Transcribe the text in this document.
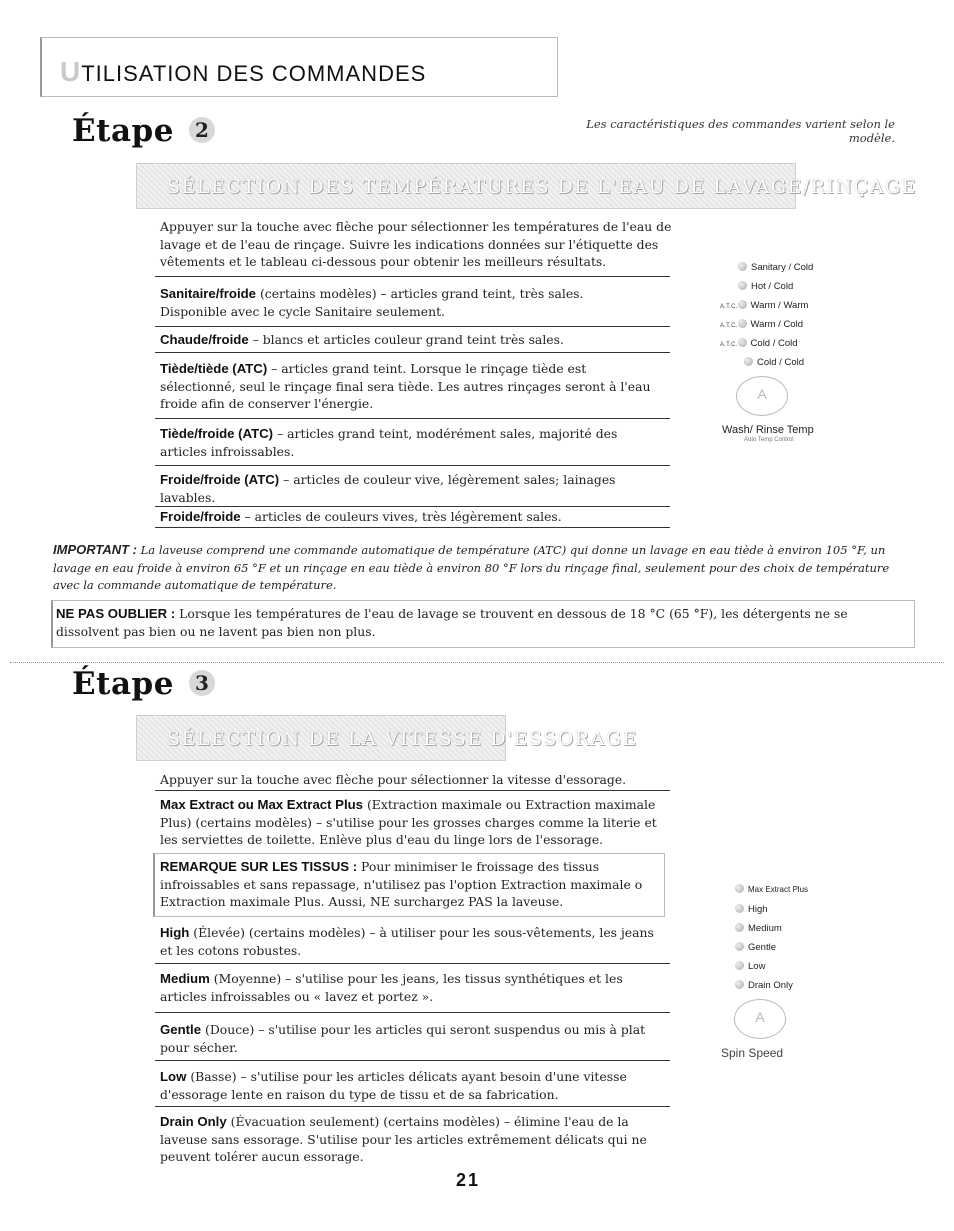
UTILISATION DES COMMANDES
Les caractéristiques des commandes varient selon le modèle.
Étape 2
SÉLECTION DES TEMPÉRATURES DE L'EAU DE LAVAGE/RINÇAGE
Appuyer sur la touche avec flèche pour sélectionner les températures de l'eau de lavage et de l'eau de rinçage. Suivre les indications données sur l'étiquette des vêtements et le tableau ci-dessous pour obtenir les meilleurs résultats.
Sanitaire/froide (certains modèles) – articles grand teint, très sales. Disponible avec le cycle Sanitaire seulement.
Chaude/froide – blancs et articles couleur grand teint très sales.
Tiède/tiède (ATC) – articles grand teint. Lorsque le rinçage tiède est sélectionné, seul le rinçage final sera tiède. Les autres rinçages seront à l'eau froide afin de conserver l'énergie.
Tiède/froide (ATC) – articles grand teint, modérément sales, majorité des articles infroissables.
Froide/froide (ATC) – articles de couleur vive, légèrement sales; lainages lavables.
Froide/froide – articles de couleurs vives, très légèrement sales.
Sanitary / Cold
Hot / Cold
A.T.C. Warm / Warm
A.T.C. Warm / Cold
A.T.C. Cold / Cold
Cold / Cold
A
Wash/ Rinse Temp
Auto Temp Control
IMPORTANT : La laveuse comprend une commande automatique de température (ATC) qui donne un lavage en eau tiède à environ 105 °F, un lavage en eau froide à environ 65 °F et un rinçage en eau tiède à environ 80 °F lors du rinçage final, seulement pour des choix de température avec la commande automatique de température.
NE PAS OUBLIER : Lorsque les températures de l'eau de lavage se trouvent en dessous de 18 °C (65 °F), les détergents ne se dissolvent pas bien ou ne lavent pas bien non plus.
Étape 3
SÉLECTION DE LA VITESSE D'ESSORAGE
Appuyer sur la touche avec flèche pour sélectionner la vitesse d'essorage.
Max Extract ou Max Extract Plus (Extraction maximale ou Extraction maximale Plus) (certains modèles) – s'utilise pour les grosses charges comme la literie et les serviettes de toilette. Enlève plus d'eau du linge lors de l'essorage.
REMARQUE SUR LES TISSUS : Pour minimiser le froissage des tissus infroissables et sans repassage, n'utilisez pas l'option Extraction maximale o Extraction maximale Plus. Aussi, NE surchargez PAS la laveuse.
High (Élevée) (certains modèles) – à utiliser pour les sous-vêtements, les jeans et les cotons robustes.
Medium (Moyenne) – s'utilise pour les jeans, les tissus synthétiques et les articles infroissables ou « lavez et portez ».
Gentle (Douce) – s'utilise pour les articles qui seront suspendus ou mis à plat pour sécher.
Low (Basse) – s'utilise pour les articles délicats ayant besoin d'une vitesse d'essorage lente en raison du type de tissu et de sa fabrication.
Drain Only (Évacuation seulement) (certains modèles) – élimine l'eau de la laveuse sans essorage. S'utilise pour les articles extrêmement délicats qui ne peuvent tolérer aucun essorage.
Max Extract Plus
High
Medium
Gentle
Low
Drain Only
A
Spin Speed
21
